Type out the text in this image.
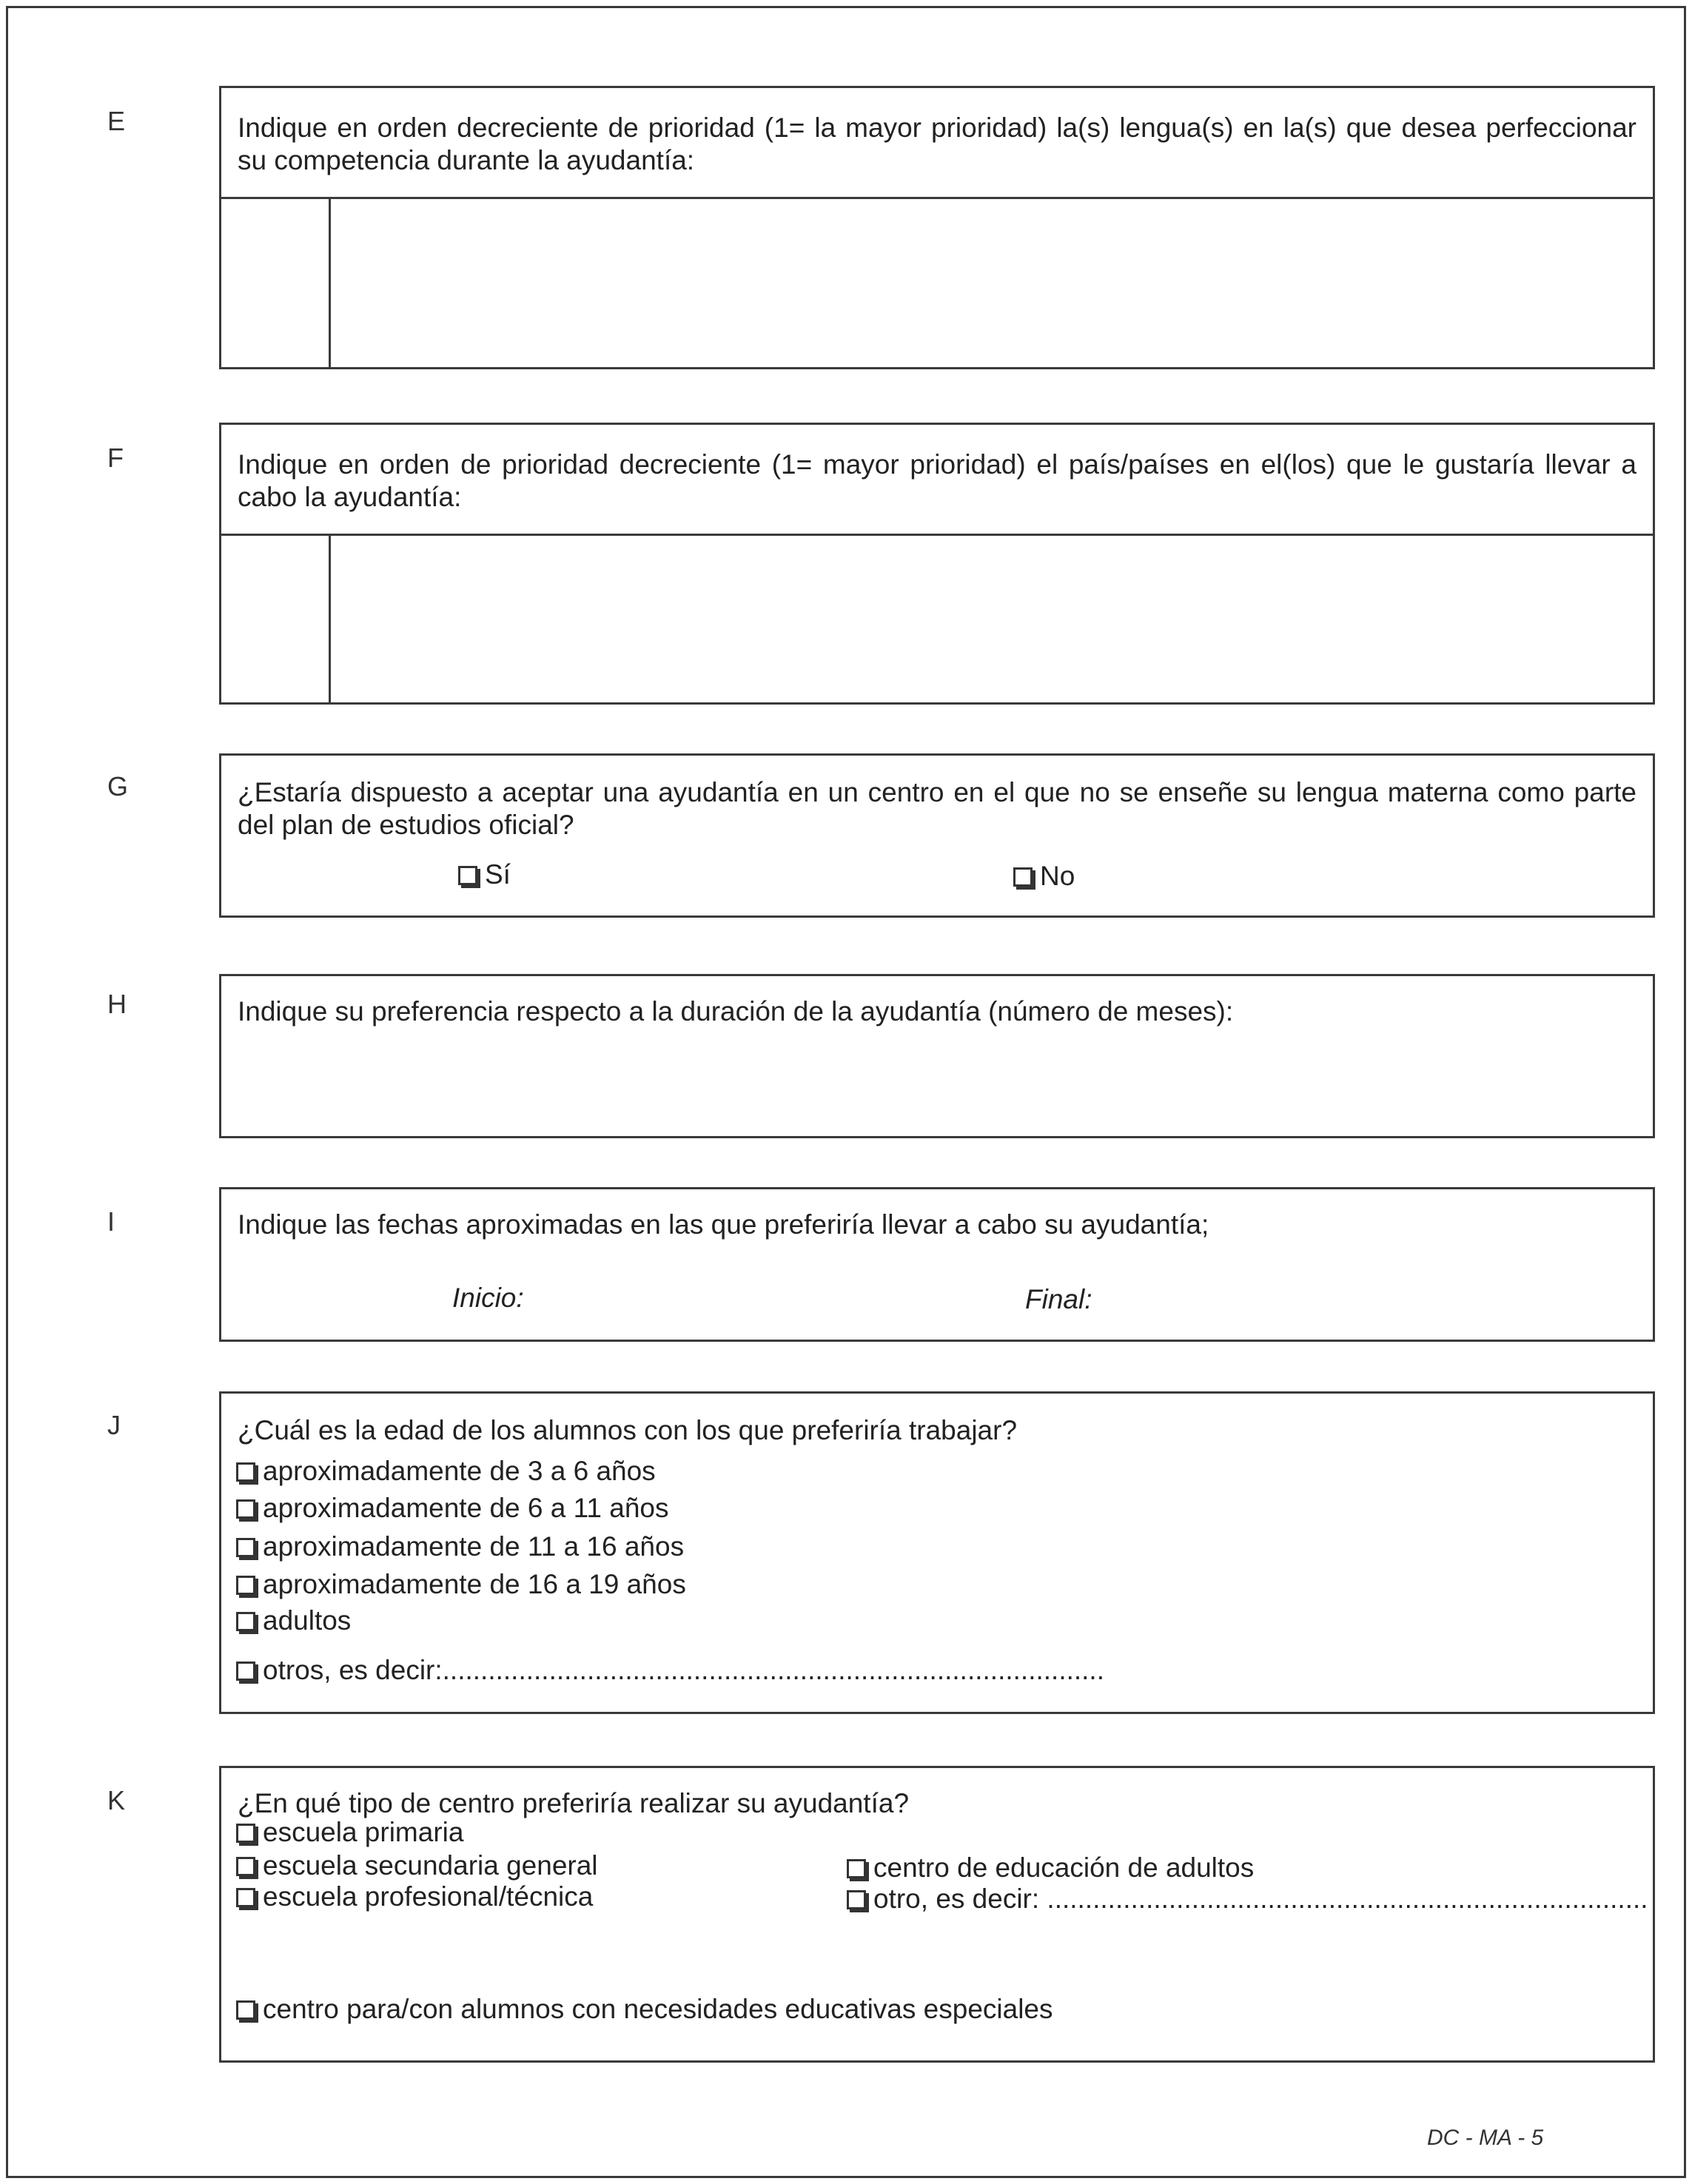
E	Indique en orden decreciente de prioridad (1= la mayor prioridad) la(s) lengua(s) en la(s) que desea perfeccionar su competencia durante la ayudantía:
F	Indique en orden de prioridad decreciente (1= mayor prioridad) el país/países en el(los) que le gustaría llevar a cabo la ayudantía:
G	¿Estaría dispuesto a aceptar una ayudantía en un centro en el que no se enseñe su lengua materna como parte del plan de estudios oficial?
Sí	No
H	Indique su preferencia respecto a la duración de la ayudantía (número de meses):
I	Indique las fechas aproximadas en las que preferiría llevar a cabo su ayudantía;
Inicio:	Final:
J	¿Cuál es la edad de los alumnos con los que preferiría trabajar?
aproximadamente de 3 a 6 años
aproximadamente de 6 a 11 años
aproximadamente de 11 a 16 años
aproximadamente de 16 a 19 años
adultos
otros, es decir:.......................................................................................
K	¿En qué tipo de centro preferiría realizar su ayudantía?
escuela primaria
escuela secundaria general
escuela profesional/técnica
centro de educación de adultos
otro, es decir: ...............................................................................
centro para/con alumnos con necesidades educativas especiales
DC - MA - 5
